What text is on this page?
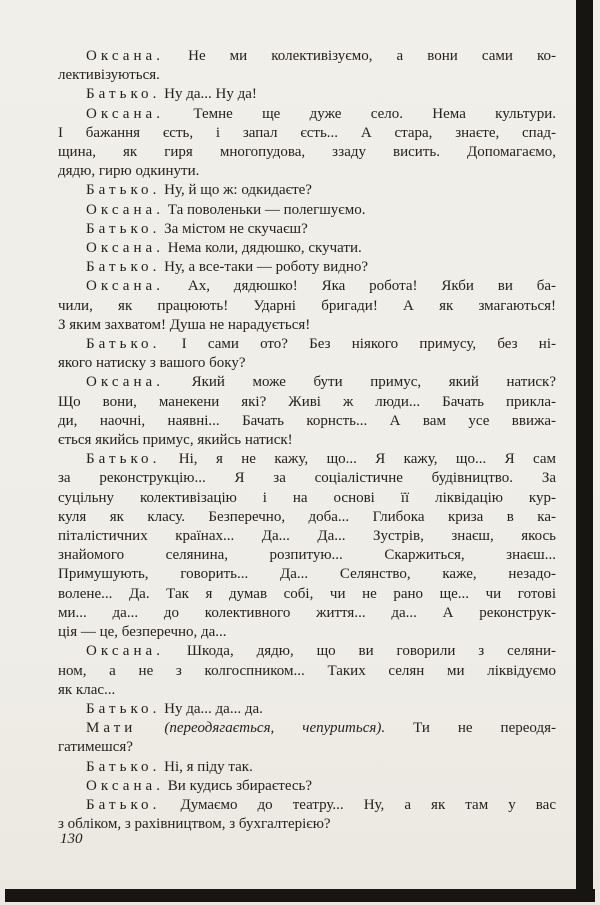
Оксана. Не ми колективізуємо, а вони сами ко-
лективізуються.
Батько. Ну да... Ну да!
Оксана. Темне ще дуже село. Нема культури.
І бажання єсть, і запал єсть... А стара, знаєте, спад-
щина, як гиря многопудова, ззаду висить. Допомагаємо,
дядю, гирю одкинути.
Батько. Ну, й що ж: одкидаєте?
Оксана. Та поволеньки — полегшуємо.
Батько. За містом не скучаєш?
Оксана. Нема коли, дядюшко, скучати.
Батько. Ну, а все-таки — роботу видно?
Оксана. Ах, дядюшко! Яка робота! Якби ви ба-
чили, як працюють! Ударні бригади! А як змагаються!
З яким захватом! Душа не нарадується!
Батько. І сами ото? Без ніякого примусу, без ні-
якого натиску з вашого боку?
Оксана. Який може бути примус, який натиск?
Що вони, манекени які? Живі ж люди... Бачать прикла-
ди, наочні, наявні... Бачать корнсть... А вам усе ввижа-
ється якийсь примус, якийсь натиск!
Батько. Ні, я не кажу, що... Я кажу, що... Я сам
за реконструкцію... Я за соціалістичне будівництво. За
суцільну колективізацію і на основі її ліквідацію кур-
куля як класу. Безперечно, доба... Глибока криза в ка-
піталістичних країнах... Да... Да... Зустрів, знаєш, якось
знайомого селянина, розпитую... Скаржиться, знаєш...
Примушують, говорить... Да... Селянство, каже, незадо-
волене... Да. Так я думав собі, чи не рано ще... чи готові
ми... да... до колективного життя... да... А реконструк-
ція — це, безперечно, да...
Оксана. Шкода, дядю, що ви говорили з селяни-
ном, а не з колгоспником... Таких селян ми ліквідуємо
як клас...
Батько. Ну да... да... да.
Мати (переодягається, чепуриться). Ти не переодя-
гатимешся?
Батько. Ні, я піду так.
Оксана. Ви кудись збираєтесь?
Батько. Думаємо до театру... Ну, а як там у вас
з обліком, з рахівництвом, з бухгалтерією?
130
